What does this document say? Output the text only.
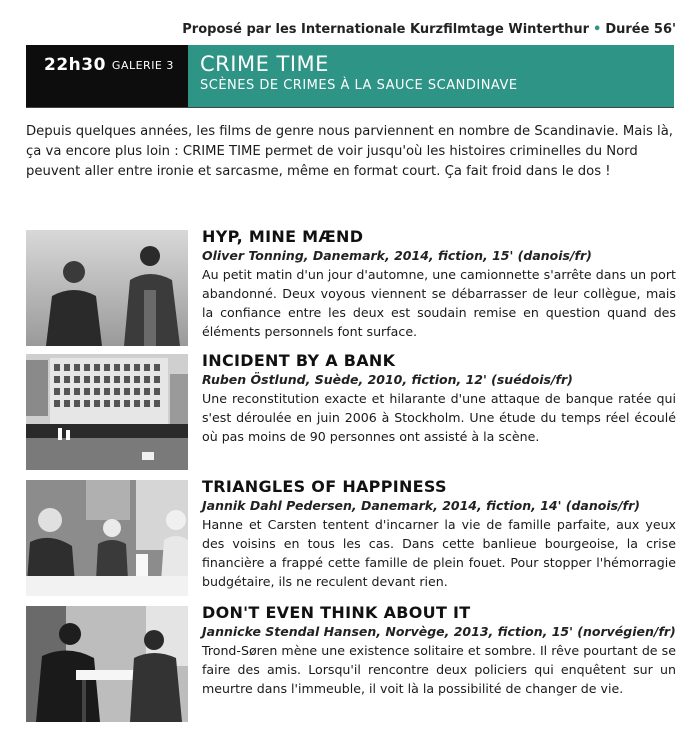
Proposé par les Internationale Kurzfilmtage Winterthur • Durée 56'
22h30 GALERIE 3 CRIME TIME
SCÈNES DE CRIMES À LA SAUCE SCANDINAVE
Depuis quelques années, les films de genre nous parviennent en nombre de Scandinavie. Mais là, ça va encore plus loin : CRIME TIME permet de voir jusqu'où les histoires criminelles du Nord peuvent aller entre ironie et sarcasme, même en format court. Ça fait froid dans le dos !
HYP, MINE MÆND
Oliver Tonning, Danemark, 2014, fiction, 15' (danois/fr)
Au petit matin d'un jour d'automne, une camionnette s'arrête dans un port abandonné. Deux voyous viennent se débarrasser de leur collègue, mais la confiance entre les deux est soudain remise en question quand des éléments personnels font surface.
INCIDENT BY A BANK
Ruben Östlund, Suède, 2010, fiction, 12' (suédois/fr)
Une reconstitution exacte et hilarante d'une attaque de banque ratée qui s'est déroulée en juin 2006 à Stockholm. Une étude du temps réel écoulé où pas moins de 90 personnes ont assisté à la scène.
TRIANGLES OF HAPPINESS
Jannik Dahl Pedersen, Danemark, 2014, fiction, 14' (danois/fr)
Hanne et Carsten tentent d'incarner la vie de famille parfaite, aux yeux des voisins en tous les cas. Dans cette banlieue bourgeoise, la crise financière a frappé cette famille de plein fouet. Pour stopper l'hémorragie budgétaire, ils ne reculent devant rien.
DON'T EVEN THINK ABOUT IT
Jannicke Stendal Hansen, Norvège, 2013, fiction, 15' (norvégien/fr)
Trond-Søren mène une existence solitaire et sombre. Il rêve pourtant de se faire des amis. Lorsqu'il rencontre deux policiers qui enquêtent sur un meurtre dans l'immeuble, il voit là la possibilité de changer de vie.
